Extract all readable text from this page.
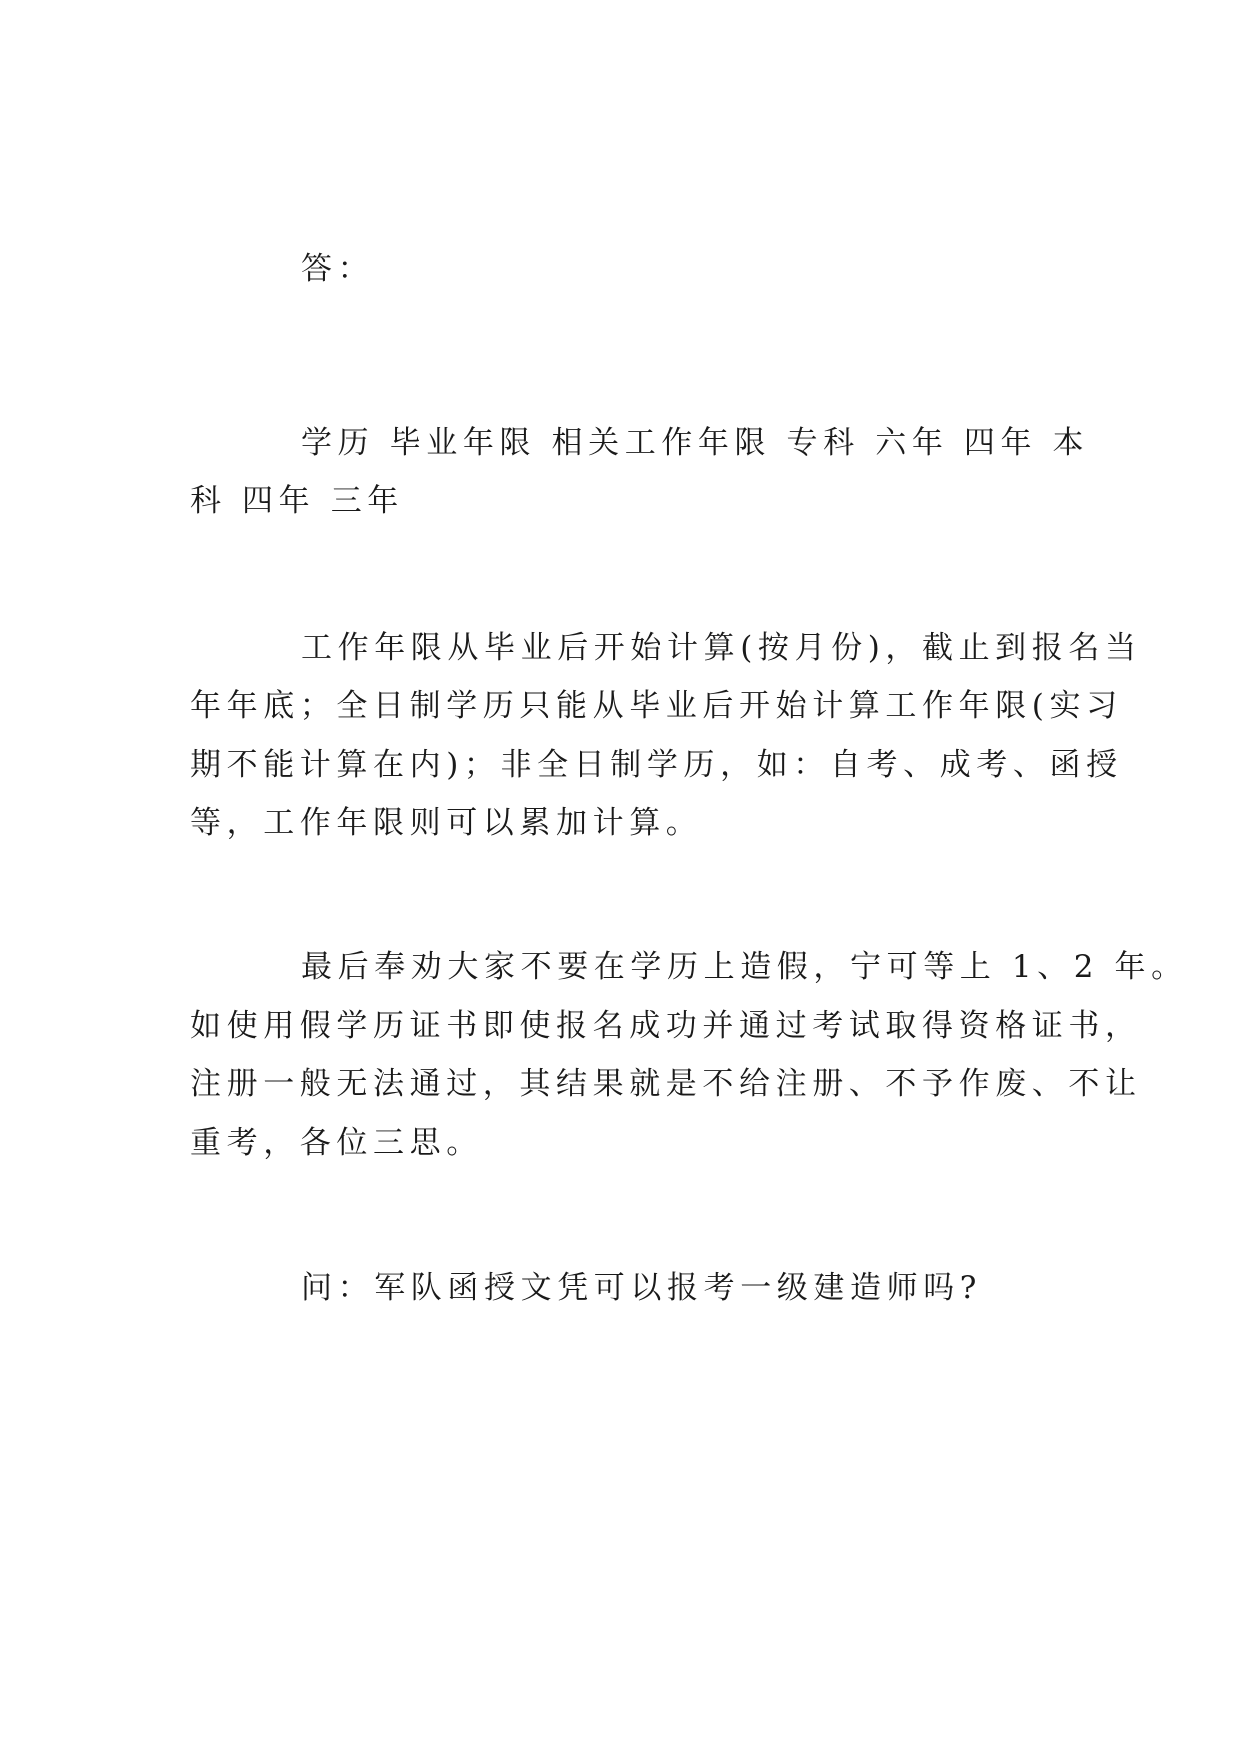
答：

学历 毕业年限 相关工作年限 专科 六年 四年 本

科 四年 三年

工作年限从毕业后开始计算(按月份)，截止到报名当

年年底；全日制学历只能从毕业后开始计算工作年限(实习

期不能计算在内)；非全日制学历，如：自考、成考、函授

等，工作年限则可以累加计算。

最后奉劝大家不要在学历上造假，宁可等上 1、2 年。

如使用假学历证书即使报名成功并通过考试取得资格证书，

注册一般无法通过，其结果就是不给注册、不予作废、不让

重考，各位三思。

问：军队函授文凭可以报考一级建造师吗?
